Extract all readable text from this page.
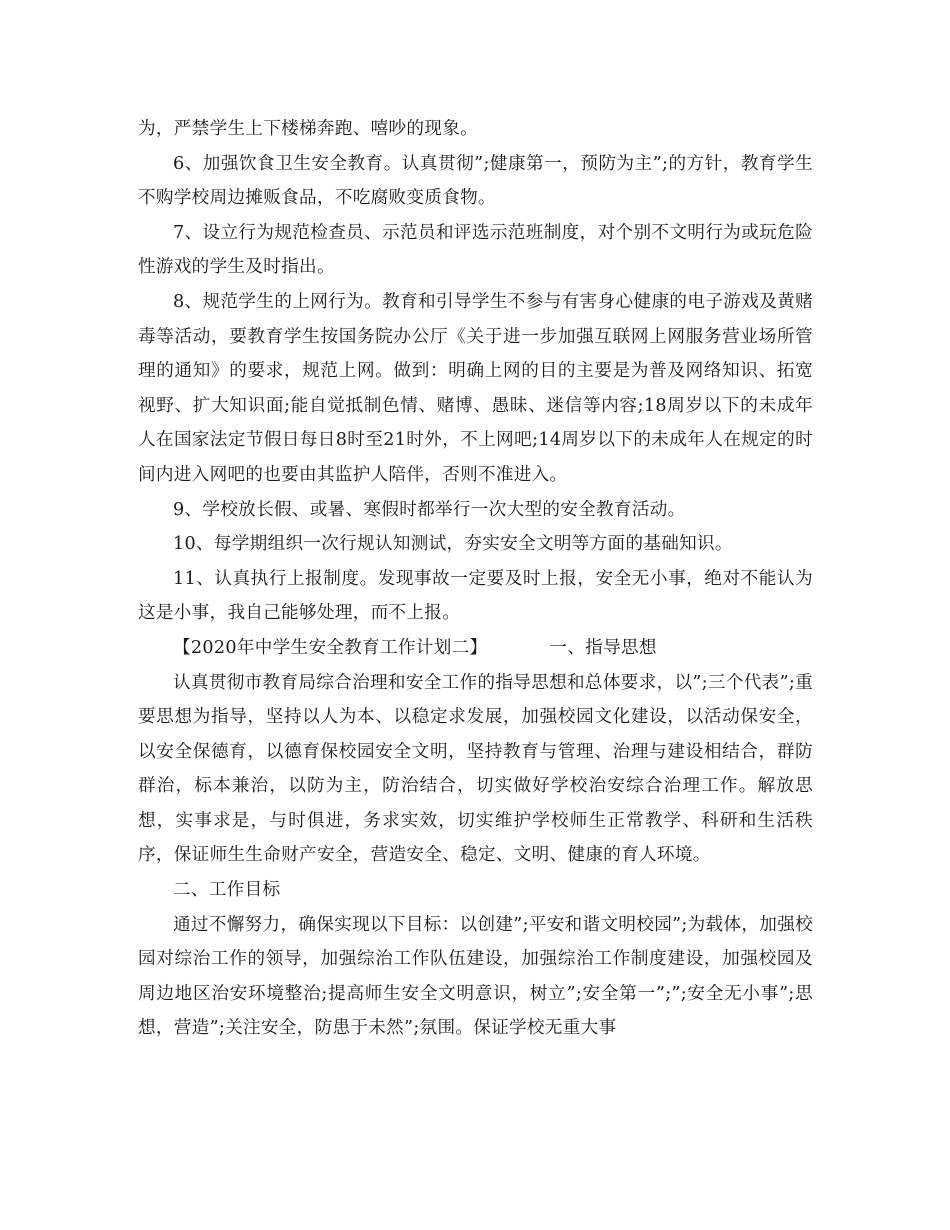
为，严禁学生上下楼梯奔跑、嘻吵的现象。

6、加强饮食卫生安全教育。认真贯彻”;健康第一，预防为主”;的方针，教育学生不购学校周边摊贩食品，不吃腐败变质食物。

7、设立行为规范检查员、示范员和评选示范班制度，对个别不文明行为或玩危险性游戏的学生及时指出。

8、规范学生的上网行为。教育和引导学生不参与有害身心健康的电子游戏及黄赌毒等活动，要教育学生按国务院办公厅《关于进一步加强互联网上网服务营业场所管理的通知》的要求，规范上网。做到：明确上网的目的主要是为普及网络知识、拓宽视野、扩大知识面;能自觉抵制色情、赌博、愚昧、迷信等内容;18周岁以下的未成年人在国家法定节假日每日8时至21时外，不上网吧;14周岁以下的未成年人在规定的时间内进入网吧的也要由其监护人陪伴，否则不准进入。

9、学校放长假、或暑、寒假时都举行一次大型的安全教育活动。

10、每学期组织一次行规认知测试，夯实安全文明等方面的基础知识。

11、认真执行上报制度。发现事故一定要及时上报，安全无小事，绝对不能认为这是小事，我自己能够处理，而不上报。

【2020年中学生安全教育工作计划二】	一、指导思想

认真贯彻市教育局综合治理和安全工作的指导思想和总体要求，以”;三个代表”;重要思想为指导，坚持以人为本、以稳定求发展，加强校园文化建设，以活动保安全，以安全保德育，以德育保校园安全文明，坚持教育与管理、治理与建设相结合，群防群治，标本兼治，以防为主，防治结合，切实做好学校治安综合治理工作。解放思想，实事求是，与时俱进，务求实效，切实维护学校师生正常教学、科研和生活秩序，保证师生生命财产安全，营造安全、稳定、文明、健康的育人环境。

二、工作目标

通过不懈努力，确保实现以下目标：以创建”;平安和谐文明校园”;为载体，加强校园对综治工作的领导，加强综治工作队伍建设，加强综治工作制度建设，加强校园及周边地区治安环境整治;提高师生安全文明意识，树立”;安全第一”;”;安全无小事”;思想，营造”;关注安全，防患于未然”;氛围。保证学校无重大事
